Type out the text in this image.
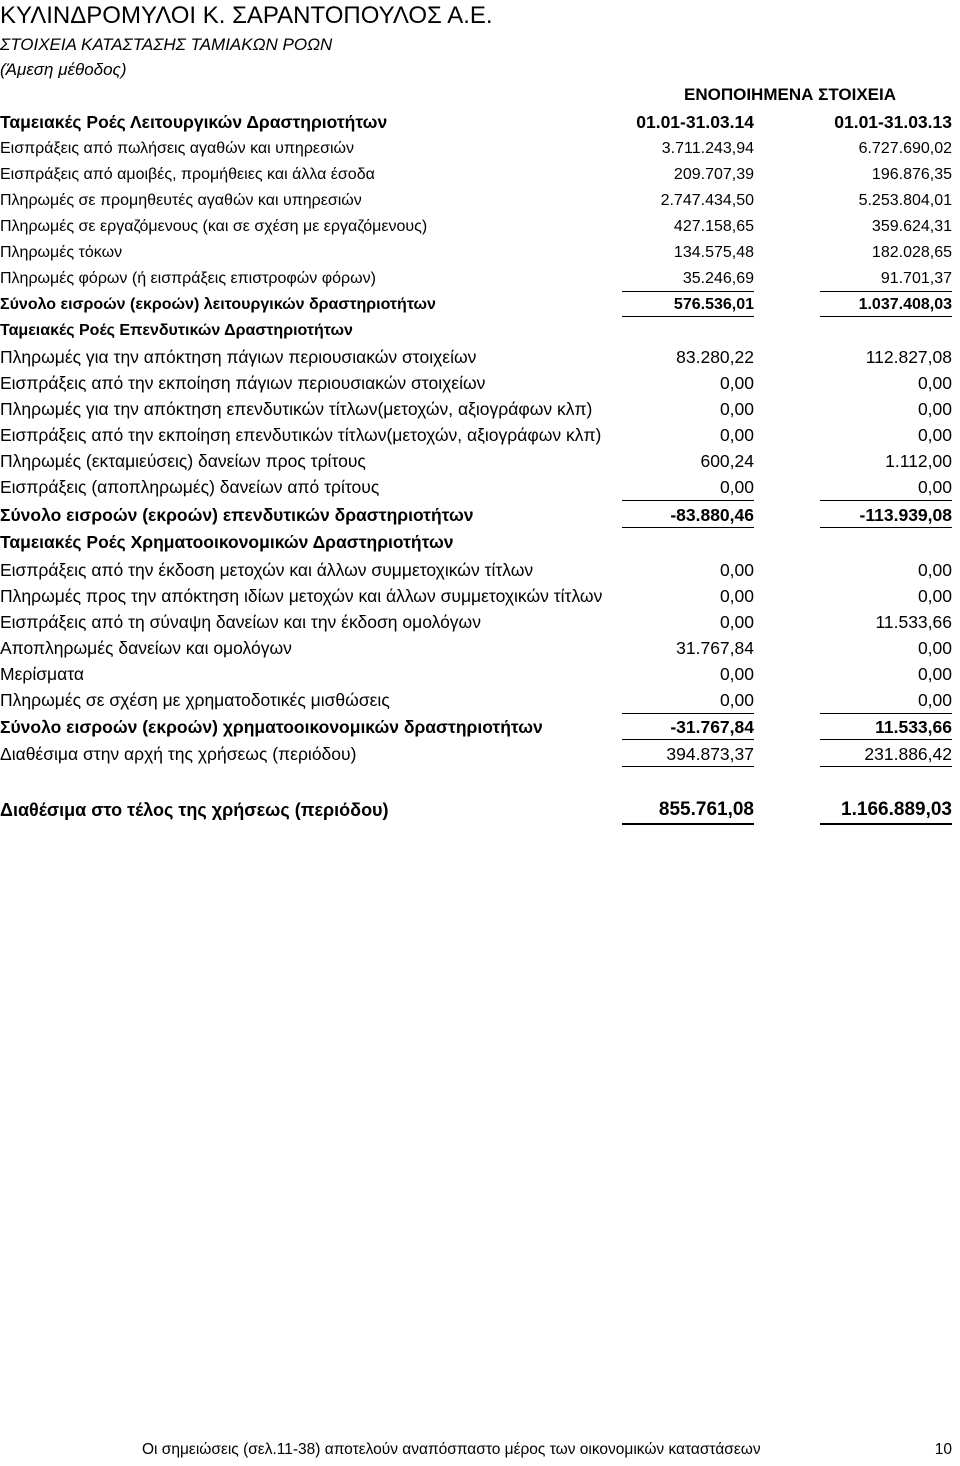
ΚΥΛΙΝΔΡΟΜΥΛΟΙ Κ. ΣΑΡΑΝΤΟΠΟΥΛΟΣ Α.Ε.
ΣΤΟΙΧΕΙΑ ΚΑΤΑΣΤΑΣΗΣ ΤΑΜΙΑΚΩΝ ΡΟΩΝ
(Άμεση μέθοδος)
ΕΝΟΠΟΙΗΜΕΝΑ ΣΤΟΙΧΕΙΑ
Ταμειακές Ροές Λειτουργικών Δραστηριοτήτων	01.01-31.03.14	01.01-31.03.13
Εισπράξεις από πωλήσεις αγαθών και υπηρεσιών	3.711.243,94	6.727.690,02
Εισπράξεις από αμοιβές, προμήθειες και άλλα έσοδα	209.707,39	196.876,35
Πληρωμές σε προμηθευτές αγαθών και υπηρεσιών	2.747.434,50	5.253.804,01
Πληρωμές σε εργαζόμενους (και σε σχέση με εργαζόμενους)	427.158,65	359.624,31
Πληρωμές τόκων	134.575,48	182.028,65
Πληρωμές φόρων (ή εισπράξεις επιστροφών φόρων)	35.246,69	91.701,37
Σύνολο εισροών (εκροών) λειτουργικών δραστηριοτήτων	576.536,01	1.037.408,03
Ταμειακές Ροές Επενδυτικών Δραστηριοτήτων
Πληρωμές για την απόκτηση πάγιων περιουσιακών στοιχείων	83.280,22	112.827,08
Εισπράξεις από την εκποίηση πάγιων περιουσιακών στοιχείων	0,00	0,00
Πληρωμές για την απόκτηση επενδυτικών τίτλων(μετοχών, αξιογράφων κλπ)	0,00	0,00
Εισπράξεις από την εκποίηση επενδυτικών τίτλων(μετοχών, αξιογράφων κλπ)	0,00	0,00
Πληρωμές (εκταμιεύσεις) δανείων προς τρίτους	600,24	1.112,00
Εισπράξεις (αποπληρωμές) δανείων από τρίτους	0,00	0,00
Σύνολο εισροών (εκροών) επενδυτικών δραστηριοτήτων	-83.880,46	-113.939,08
Ταμειακές Ροές Χρηματοοικονομικών Δραστηριοτήτων
Εισπράξεις από την έκδοση μετοχών και άλλων συμμετοχικών τίτλων	0,00	0,00
Πληρωμές προς την απόκτηση ιδίων μετοχών και άλλων συμμετοχικών τίτλων	0,00	0,00
Εισπράξεις από τη σύναψη δανείων και την έκδοση ομολόγων	0,00	11.533,66
Αποπληρωμές δανείων και ομολόγων	31.767,84	0,00
Μερίσματα	0,00	0,00
Πληρωμές σε σχέση με χρηματοδοτικές μισθώσεις	0,00	0,00
Σύνολο εισροών (εκροών) χρηματοοικονομικών δραστηριοτήτων	-31.767,84	11.533,66
Διαθέσιμα στην αρχή της χρήσεως (περιόδου)	394.873,37	231.886,42
Διαθέσιμα στο τέλος της χρήσεως (περιόδου)	855.761,08	1.166.889,03
Οι σημειώσεις (σελ.11-38) αποτελούν αναπόσπαστο μέρος των οικονομικών καταστάσεων	10
